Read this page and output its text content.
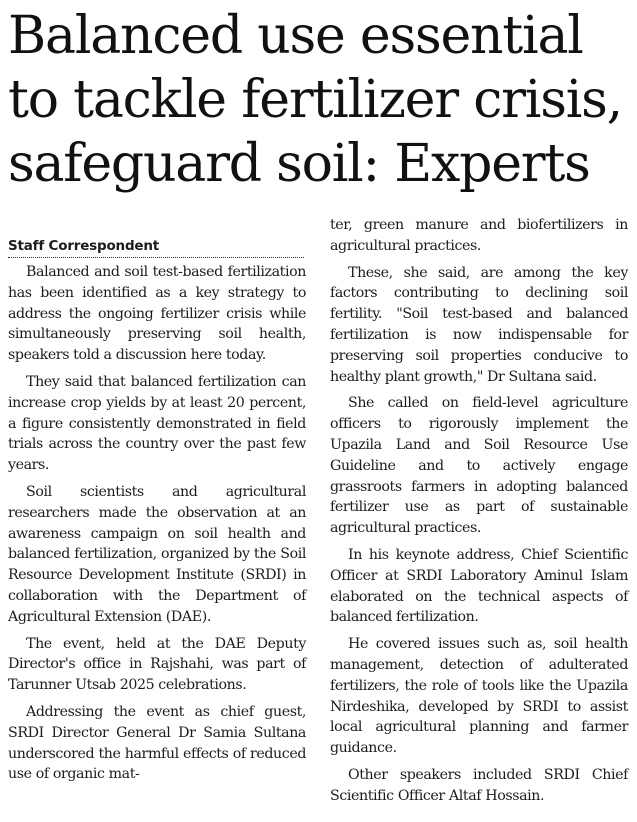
Balanced use essential to tackle fertilizer crisis, safeguard soil: Experts
Staff Correspondent

Balanced and soil test-based fertilization has been identified as a key strategy to address the ongoing fertilizer crisis while simultaneously preserving soil health, speakers told a discussion here today.

They said that balanced fertilization can increase crop yields by at least 20 percent, a figure consistently demonstrated in field trials across the country over the past few years.

Soil scientists and agricultural researchers made the observation at an awareness campaign on soil health and balanced fertilization, organized by the Soil Resource Development Institute (SRDI) in collaboration with the Department of Agricultural Extension (DAE).

The event, held at the DAE Deputy Director's office in Rajshahi, was part of Tarunner Utsab 2025 celebrations.

Addressing the event as chief guest, SRDI Director General Dr Samia Sultana underscored the harmful effects of reduced use of organic mat-

ter, green manure and biofertilizers in agricultural practices.

These, she said, are among the key factors contributing to declining soil fertility. "Soil test-based and balanced fertilization is now indispensable for preserving soil properties conducive to healthy plant growth," Dr Sultana said.

She called on field-level agriculture officers to rigorously implement the Upazila Land and Soil Resource Use Guideline and to actively engage grassroots farmers in adopting balanced fertilizer use as part of sustainable agricultural practices.

In his keynote address, Chief Scientific Officer at SRDI Laboratory Aminul Islam elaborated on the technical aspects of balanced fertilization.

He covered issues such as, soil health management, detection of adulterated fertilizers, the role of tools like the Upazila Nirdeshika, developed by SRDI to assist local agricultural planning and farmer guidance.

Other speakers included SRDI Chief Scientific Officer Altaf Hossain.
